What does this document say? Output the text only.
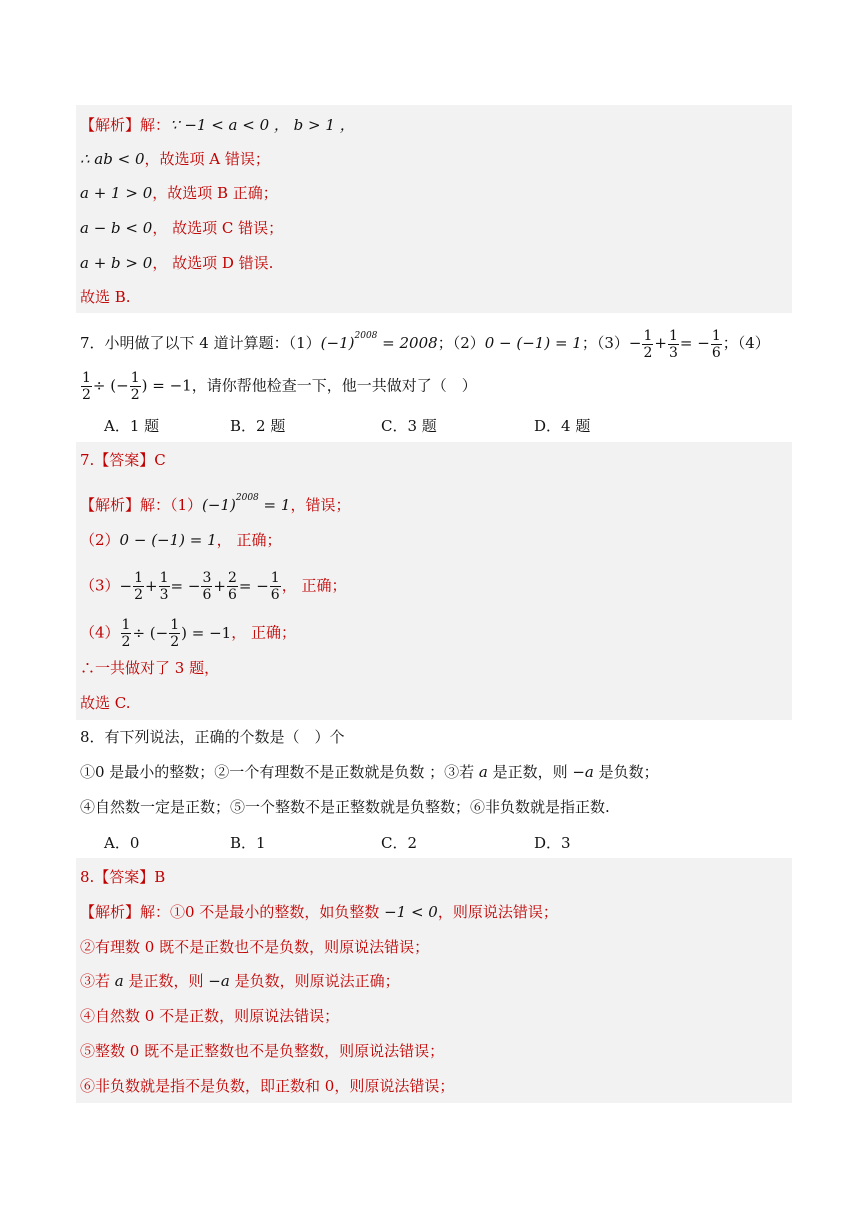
【解析】解：∵ −1 < a < 0 ， b > 1 ，
∴ ab < 0，故选项 A 错误；
a + 1 > 0，故选项 B 正确；
a − b < 0， 故选项 C 错误；
a + b > 0， 故选项 D 错误.
故选 B.
7．小明做了以下 4 道计算题：$(1)(-1)^{2008} = 2008$；（2）0 − (−1) = 1；$(3)- \frac{1}{2} + \frac{1}{3}$ = − $\frac{1}{6}$ ；（4）
$\frac{1}{2}$ ÷ (− $\frac{1}{2}$ ) = −1，请你帮他检查一下，他一共做对了（　）
A．1 题	B．2 题	C．3 题	D．4 题
7.【答案】C
【解析】解：$(1)(-1)^{2008} = 1$，错误；
（2）0 − (−1) = 1， 正确；
$(3)- \frac{1}{2} + \frac{1}{3}$ = − $\frac{3}{6} + \frac{2}{6}$ = − $\frac{1}{6}$ ， 正确；
$(4) \frac{1}{2}$ ÷ (− $\frac{1}{2}$ ) = −1， 正确；
∴一共做对了 3 题，
故选 C.
8．有下列说法，正确的个数是（　）个
①0 是最小的整数；②一个有理数不是正数就是负数 ；③若 a 是正数，则 −a 是负数；
④自然数一定是正数；⑤一个整数不是正整数就是负整数；⑥非负数就是指正数.
A．0	B．1	C．2	D．3
8.【答案】B
【解析】解：①0 不是最小的整数，如负整数 −1 < 0，则原说法错误；
②有理数 0 既不是正数也不是负数，则原说法错误；
③若 a 是正数，则 −a 是负数，则原说法正确；
④自然数 0 不是正数，则原说法错误；
⑤整数 0 既不是正整数也不是负整数，则原说法错误；
⑥非负数就是指不是负数，即正数和 0，则原说法错误；
